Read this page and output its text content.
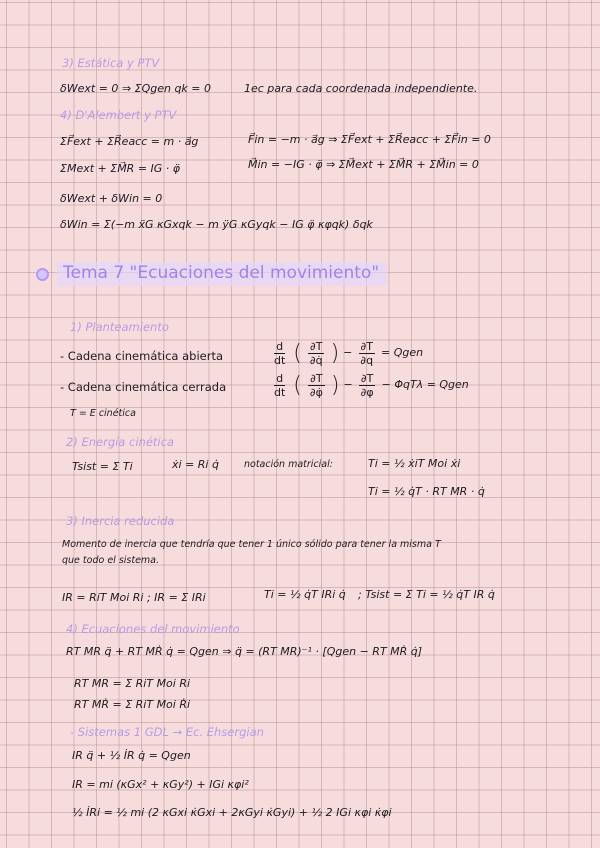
3) Estática y PTV
δWext = 0 ⇒ ΣQgen qk = 0	1ec para cada coordenada independiente.
4) D'Alembert y PTV
ΣF⃗ext + ΣR⃗eacc = m · a⃗g	F⃗in = −m · a⃗g ⇒ ΣF⃗ext + ΣR⃗eacc + ΣF⃗in = 0
ΣMext + ΣM⃗R = IG · φ̈	M⃗in = −IG · φ̈ ⇒ ΣM⃗ext + ΣM⃗R + ΣM⃗in = 0
δWext + δWin = 0
δWin = Σ(−m ẍG κGxqk − m ÿG κGyqk − IG φ̈ κφqk) δqk
Tema 7 "Ecuaciones del movimiento"
1) Planteamiento
- Cadena cinemática abierta	$\frac{d}{dt}$ ( $\frac{\partial T}{\partial q̇}$ ) − $\frac{\partial T}{\partial q}$ = Qgen
- Cadena cinemática cerrada	$\frac{d}{dt}$ ( $\frac{\partial T}{\partial\varphi̇}$ ) − $\frac{\partial T}{\partial\varphi} - \Phi qT\lambda$ = Qgen
T = E cinética
2) Energía cinética
Tsist = Σ Ti	ẋi = Ri q̇	notación matricial:	Ti = ½ ẋiT Moi ẋi
Ti = ½ q̇T · RT MR · q̇
3) Inercia reducida
Momento de inercia que tendría que tener 1 único sólido para tener la misma T
que todo el sistema.
IR = RiT Moi Ri ; IR = Σ IRi	Ti = ½ q̇T IRi q̇ ; Tsist = Σ Ti = ½ q̇T IR q̇
4) Ecuaciones del movimiento
RT MR q̈ + RT MṘ q̇ = Qgen ⇒ q̈ = (RT MR)⁻¹ · [Qgen − RT MṘ q̇]
RT MR = Σ RiT Moi Ri
RT MṘ = Σ RiT Moi Ṙi
- Sistemas 1 GDL → Ec. Ehsergian
IR q̈ + ½ İR q̇ = Qgen
IR = mi (κGx² + κGy²) + IGi κφi²
½ İRi = ½ mi (2 κGxi κ̇Gxi + 2κGyi κ̇Gyi) + ½ 2 IGi κφi κ̇φi
